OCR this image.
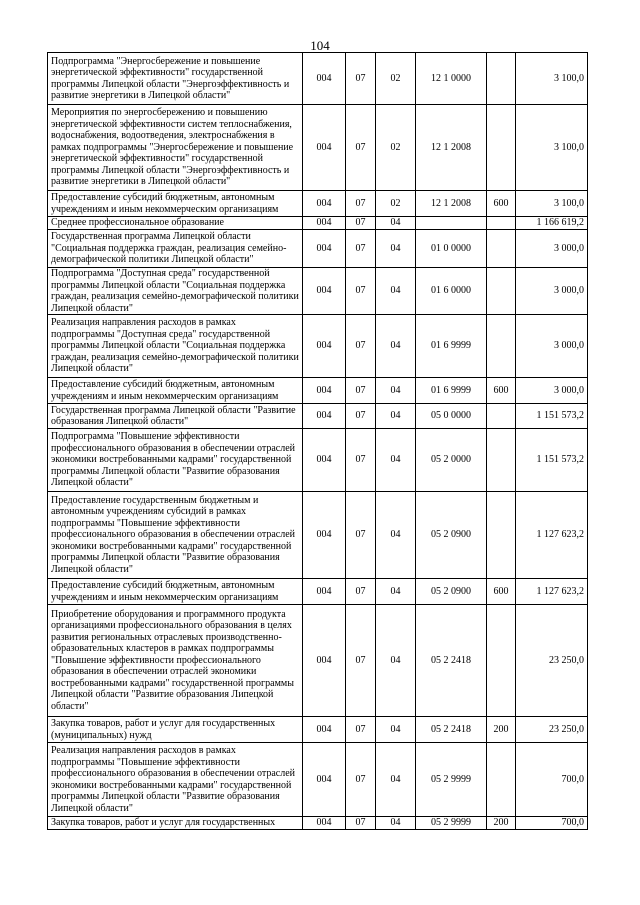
104
Подпрограмма "Энергосбережение и повышение энергетической эффективности" государственной программы Липецкой области "Энергоэффективность и развитие энергетики в Липецкой области"	004	07	02	12 1 0000		3 100,0
Мероприятия по энергосбережению и повышению энергетической эффективности систем теплоснабжения, водоснабжения, водоотведения, электроснабжения в рамках подпрограммы "Энергосбережение и повышение энергетической эффективности" государственной программы Липецкой области "Энергоэффективность и развитие энергетики в Липецкой области"	004	07	02	12 1 2008		3 100,0
Предоставление субсидий бюджетным, автономным учреждениям и иным некоммерческим организациям	004	07	02	12 1 2008	600	3 100,0
Среднее профессиональное образование	004	07	04			1 166 619,2
Государственная программа Липецкой области "Социальная поддержка граждан, реализация семейно-демографической политики Липецкой области"	004	07	04	01 0 0000		3 000,0
Подпрограмма "Доступная среда" государственной программы Липецкой области "Социальная поддержка граждан, реализация семейно-демографической политики Липецкой области"	004	07	04	01 6 0000		3 000,0
Реализация направления расходов в рамках подпрограммы "Доступная среда" государственной программы Липецкой области "Социальная поддержка граждан, реализация семейно-демографической политики Липецкой области"	004	07	04	01 6 9999		3 000,0
Предоставление субсидий бюджетным, автономным учреждениям и иным некоммерческим организациям	004	07	04	01 6 9999	600	3 000,0
Государственная программа Липецкой области "Развитие образования Липецкой области"	004	07	04	05 0 0000		1 151 573,2
Подпрограмма "Повышение эффективности профессионального образования в обеспечении отраслей экономики востребованными кадрами" государственной программы Липецкой области "Развитие образования Липецкой области"	004	07	04	05 2 0000		1 151 573,2
Предоставление государственным бюджетным и автономным учреждениям субсидий в рамках подпрограммы "Повышение эффективности профессионального образования в обеспечении отраслей экономики востребованными кадрами" государственной программы Липецкой области "Развитие образования Липецкой области"	004	07	04	05 2 0900		1 127 623,2
Предоставление субсидий бюджетным, автономным учреждениям и иным некоммерческим организациям	004	07	04	05 2 0900	600	1 127 623,2
Приобретение оборудования и программного продукта организациями профессионального образования в целях развития региональных отраслевых производственно-образовательных кластеров в рамках подпрограммы "Повышение эффективности профессионального образования в обеспечении отраслей экономики востребованными кадрами" государственной программы Липецкой области "Развитие образования Липецкой области"	004	07	04	05 2 2418		23 250,0
Закупка товаров, работ и услуг для государственных (муниципальных) нужд	004	07	04	05 2 2418	200	23 250,0
Реализация направления расходов в рамках подпрограммы "Повышение эффективности профессионального образования в обеспечении отраслей экономики востребованными кадрами" государственной программы Липецкой области "Развитие образования Липецкой области"	004	07	04	05 2 9999		700,0
Закупка товаров, работ и услуг для государственных	004	07	04	05 2 9999	200	700,0
